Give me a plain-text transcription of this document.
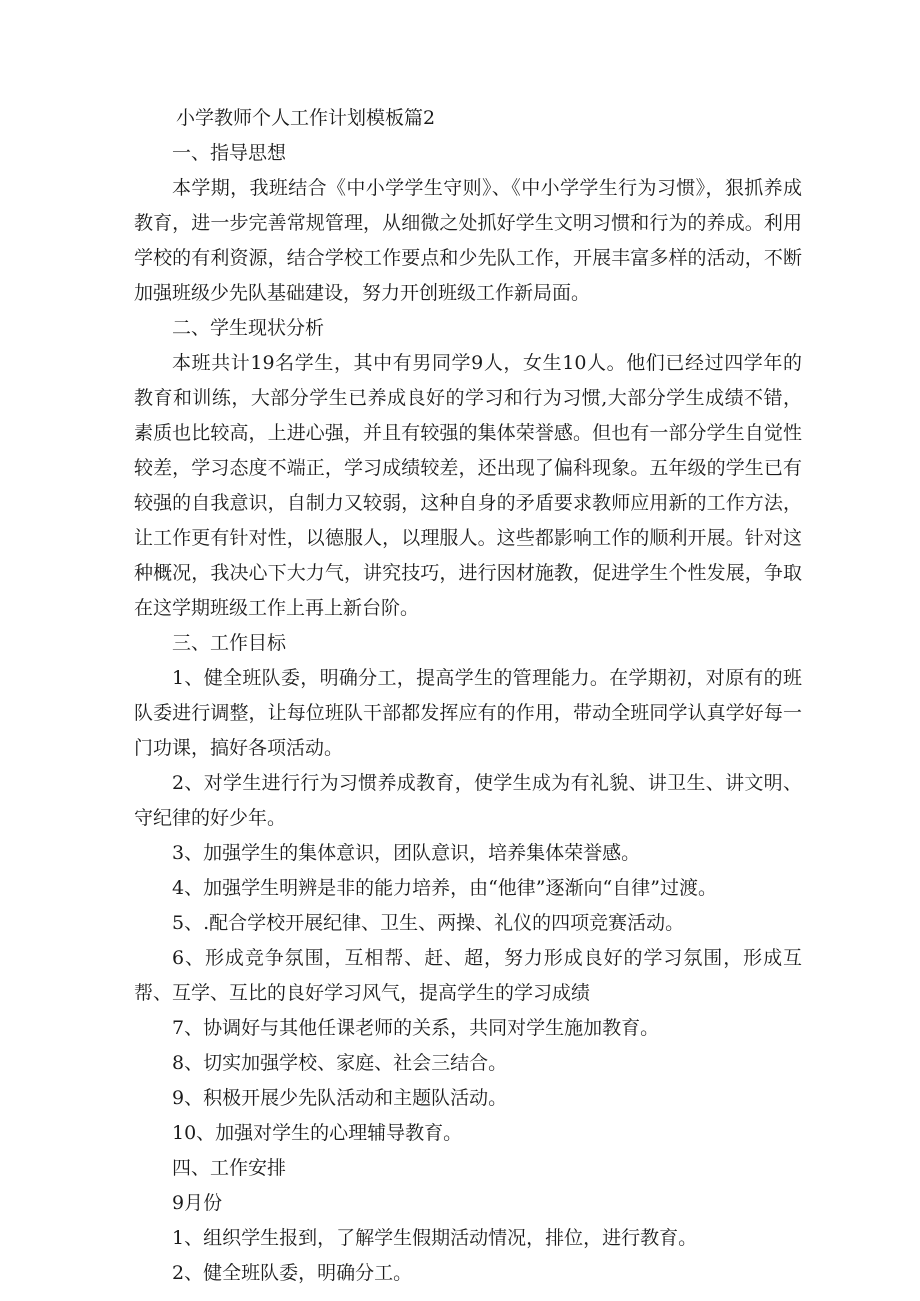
小学教师个人工作计划模板篇2
一、指导思想

本学期，我班结合《中小学学生守则》、《中小学学生行为习惯》，狠抓养成教育，进一步完善常规管理，从细微之处抓好学生文明习惯和行为的养成。利用学校的有利资源，结合学校工作要点和少先队工作，开展丰富多样的活动，不断加强班级少先队基础建设，努力开创班级工作新局面。

二、学生现状分析

本班共计19名学生，其中有男同学9人，女生10人。他们已经过四学年的教育和训练，大部分学生已养成良好的学习和行为习惯,大部分学生成绩不错，素质也比较高，上进心强，并且有较强的集体荣誉感。但也有一部分学生自觉性较差，学习态度不端正，学习成绩较差，还出现了偏科现象。五年级的学生已有较强的自我意识，自制力又较弱，这种自身的矛盾要求教师应用新的工作方法，让工作更有针对性，以德服人，以理服人。这些都影响工作的顺利开展。针对这种概况，我决心下大力气，讲究技巧，进行因材施教，促进学生个性发展，争取在这学期班级工作上再上新台阶。

三、工作目标

1、健全班队委，明确分工，提高学生的管理能力。在学期初，对原有的班队委进行调整，让每位班队干部都发挥应有的作用，带动全班同学认真学好每一门功课，搞好各项活动。

2、对学生进行行为习惯养成教育，使学生成为有礼貌、讲卫生、讲文明、守纪律的好少年。

3、加强学生的集体意识，团队意识，培养集体荣誉感。

4、加强学生明辨是非的能力培养，由“他律”逐渐向“自律”过渡。

5、.配合学校开展纪律、卫生、两操、礼仪的四项竞赛活动。

6、形成竞争氛围，互相帮、赶、超，努力形成良好的学习氛围，形成互帮、互学、互比的良好学习风气，提高学生的学习成绩

7、协调好与其他任课老师的关系，共同对学生施加教育。

8、切实加强学校、家庭、社会三结合。

9、积极开展少先队活动和主题队活动。

10、加强对学生的心理辅导教育。

四、工作安排
9月份

1、组织学生报到，了解学生假期活动情况，排位，进行教育。

2、健全班队委，明确分工。
